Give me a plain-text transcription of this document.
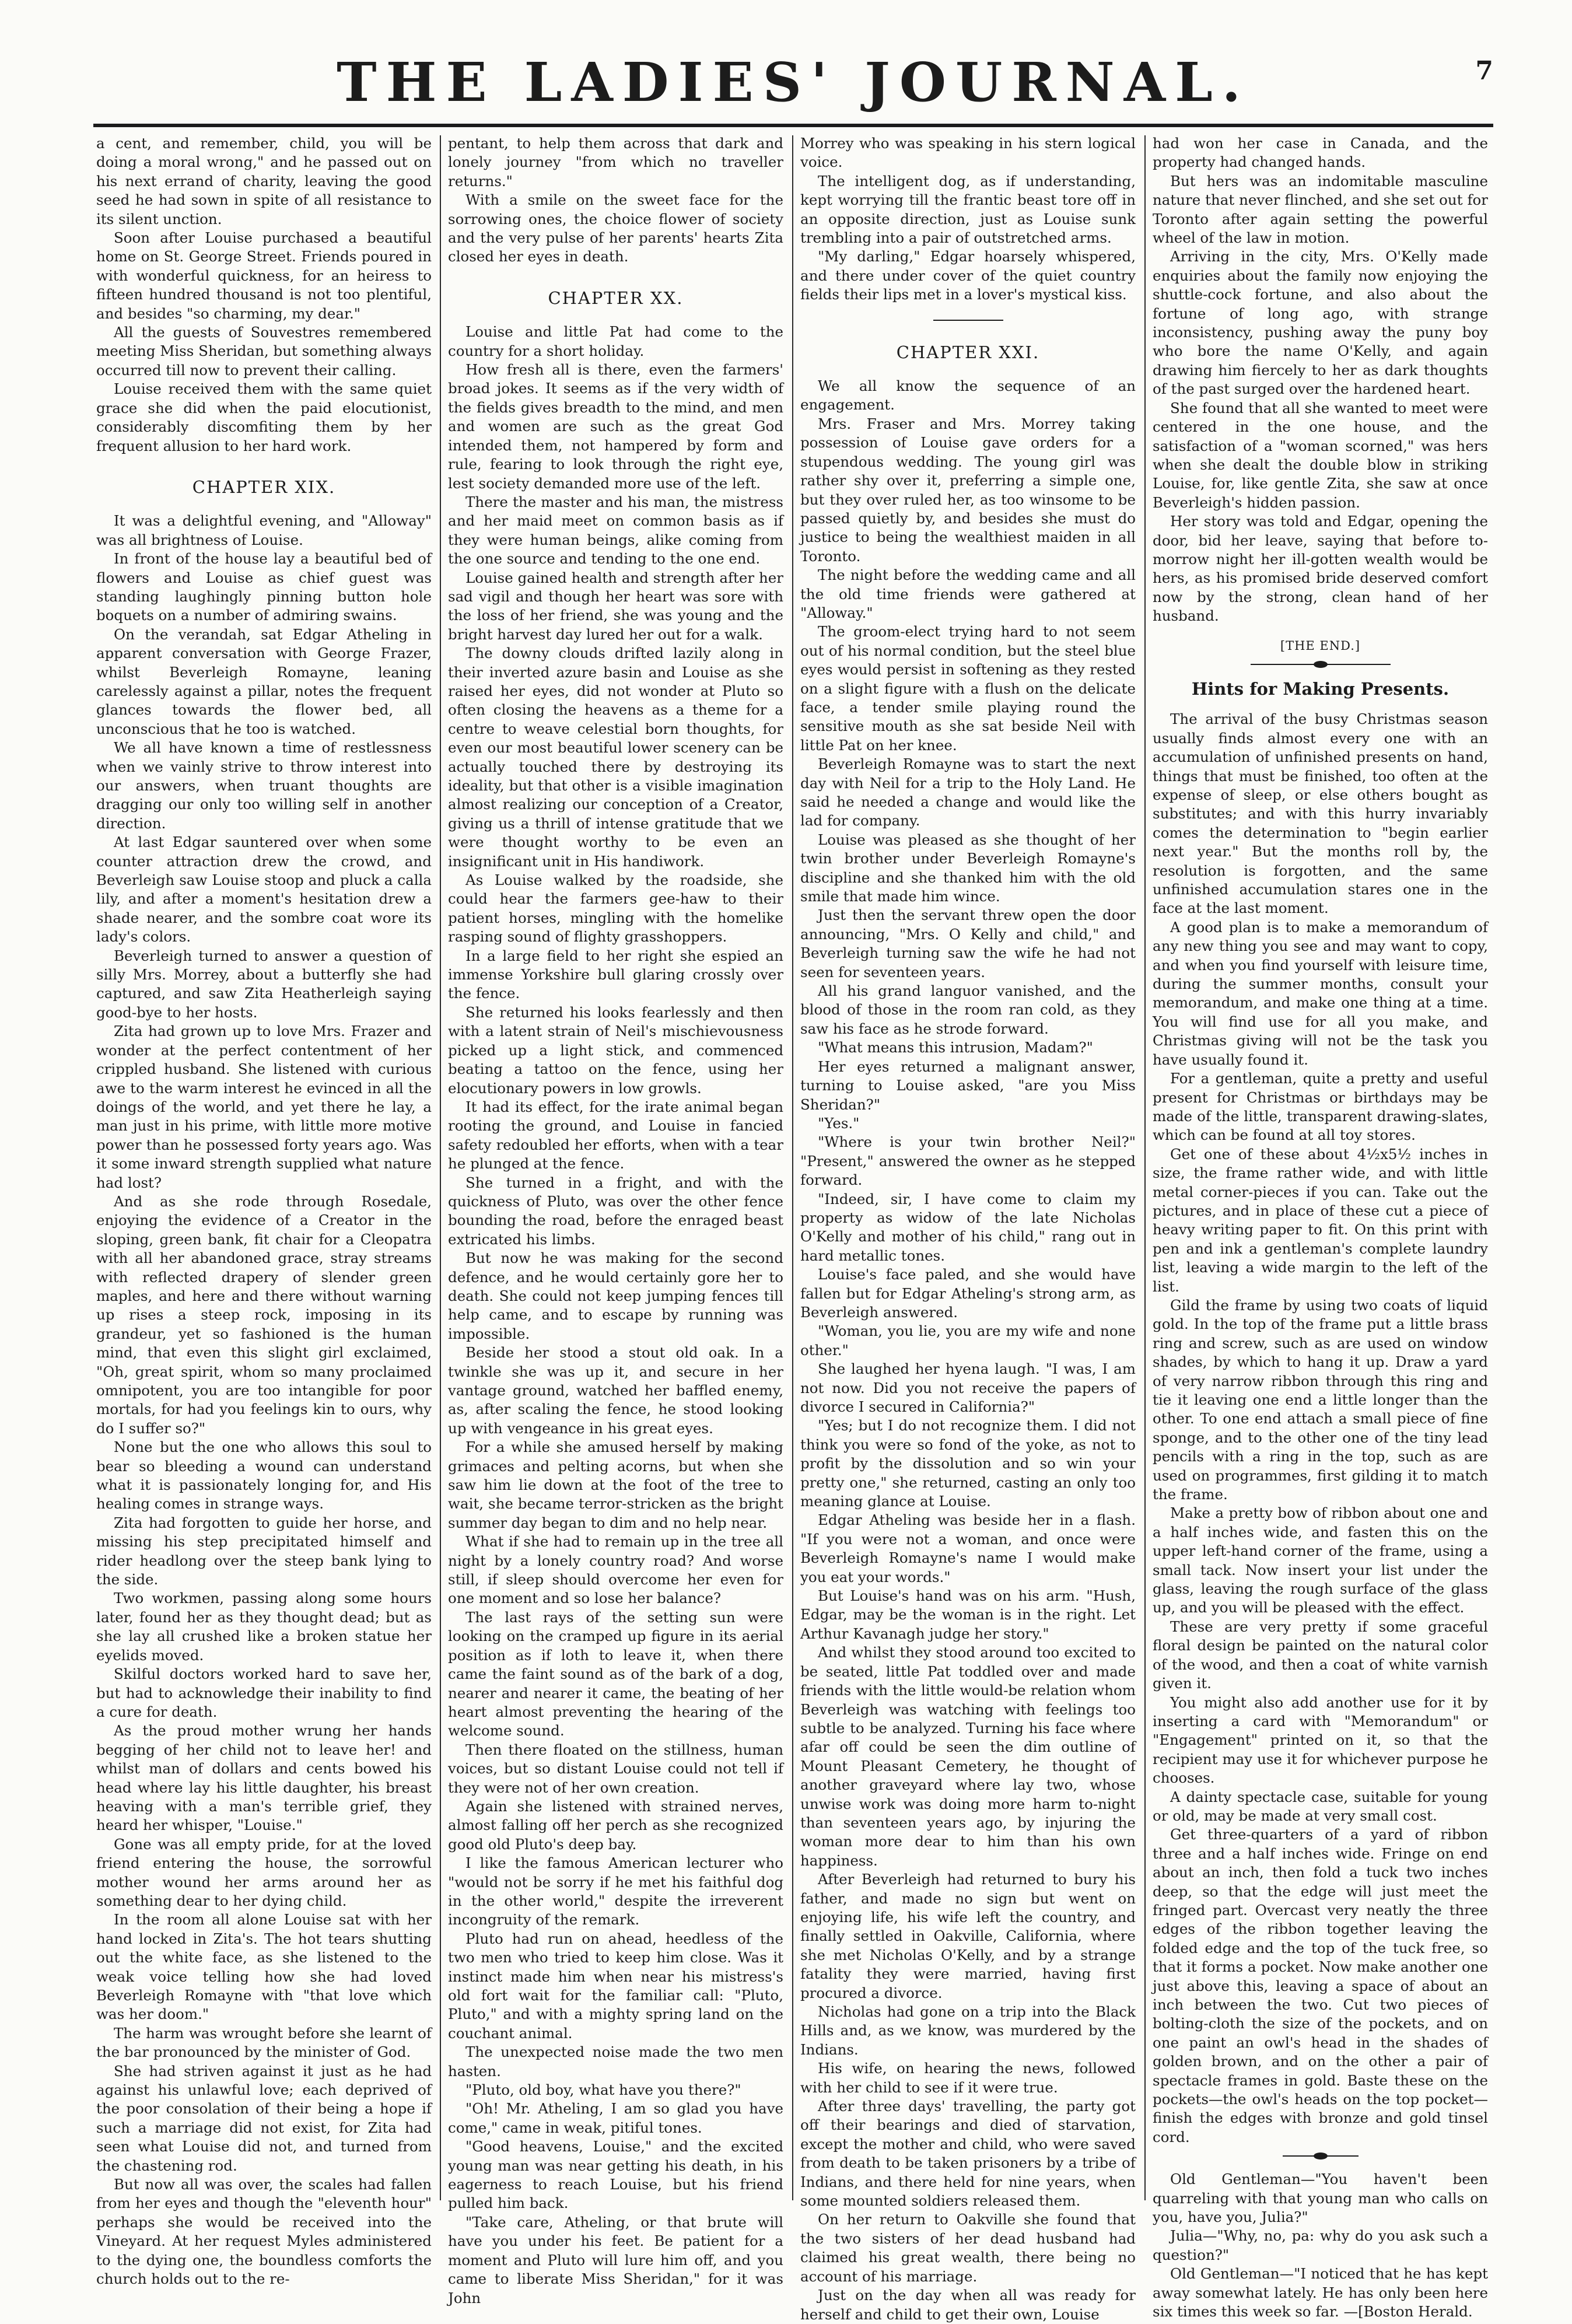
THE LADIES' JOURNAL.	7

a cent, and remember, child, you will be doing a moral wrong," and he passed out on his next errand of charity, leaving the good seed he had sown in spite of all resistance to its silent unction.

Soon after Louise purchased a beautiful home on St. George Street. Friends poured in with wonderful quickness, for an heiress to fifteen hundred thousand is not too plentiful, and besides "so charming, my dear."

All the guests of Souvestres remembered meeting Miss Sheridan, but something always occurred till now to prevent their calling.

Louise received them with the same quiet grace she did when the paid elocutionist, considerably discomfiting them by her frequent allusion to her hard work.

CHAPTER XIX.

It was a delightful evening, and "Alloway" was all brightness of Louise.

In front of the house lay a beautiful bed of flowers and Louise as chief guest was standing laughingly pinning button hole boquets on a number of admiring swains.

On the verandah, sat Edgar Atheling in apparent conversation with George Frazer, whilst Beverleigh Romayne, leaning carelessly against a pillar, notes the frequent glances towards the flower bed, all unconscious that he too is watched.

We all have known a time of restlessness when we vainly strive to throw interest into our answers, when truant thoughts are dragging our only too willing self in another direction.

At last Edgar sauntered over when some counter attraction drew the crowd, and Beverleigh saw Louise stoop and pluck a calla lily, and after a moment's hesitation drew a shade nearer, and the sombre coat wore its lady's colors.

Beverleigh turned to answer a question of silly Mrs. Morrey, about a butterfly she had captured, and saw Zita Heatherleigh saying good-bye to her hosts.

Zita had grown up to love Mrs. Frazer and wonder at the perfect contentment of her crippled husband. She listened with curious awe to the warm interest he evinced in all the doings of the world, and yet there he lay, a man just in his prime, with little more motive power than he possessed forty years ago. Was it some inward strength supplied what nature had lost?

And as she rode through Rosedale, enjoying the evidence of a Creator in the sloping, green bank, fit chair for a Cleopatra with all her abandoned grace, stray streams with reflected drapery of slender green maples, and here and there without warning up rises a steep rock, imposing in its grandeur, yet so fashioned is the human mind, that even this slight girl exclaimed, "Oh, great spirit, whom so many proclaimed omnipotent, you are too intangible for poor mortals, for had you feelings kin to ours, why do I suffer so?"

None but the one who allows this soul to bear so bleeding a wound can understand what it is passionately longing for, and His healing comes in strange ways.

Zita had forgotten to guide her horse, and missing his step precipitated himself and rider headlong over the steep bank lying to the side.

Two workmen, passing along some hours later, found her as they thought dead; but as she lay all crushed like a broken statue her eyelids moved.

Skilful doctors worked hard to save her, but had to acknowledge their inability to find a cure for death.

As the proud mother wrung her hands begging of her child not to leave her! and whilst man of dollars and cents bowed his head where lay his little daughter, his breast heaving with a man's terrible grief, they heard her whisper, "Louise."

Gone was all empty pride, for at the loved friend entering the house, the sorrowful mother wound her arms around her as something dear to her dying child.

In the room all alone Louise sat with her hand locked in Zita's. The hot tears shutting out the white face, as she listened to the weak voice telling how she had loved Beverleigh Romayne with "that love which was her doom."

The harm was wrought before she learnt of the bar pronounced by the minister of God.

She had striven against it just as he had against his unlawful love; each deprived of the poor consolation of their being a hope if such a marriage did not exist, for Zita had seen what Louise did not, and turned from the chastening rod.

But now all was over, the scales had fallen from her eyes and though the "eleventh hour" perhaps she would be received into the Vineyard. At her request Myles administered to the dying one, the boundless comforts the church holds out to the re-

pentant, to help them across that dark and lonely journey "from which no traveller returns."

With a smile on the sweet face for the sorrowing ones, the choice flower of society and the very pulse of her parents' hearts Zita closed her eyes in death.

CHAPTER XX.

Louise and little Pat had come to the country for a short holiday.

How fresh all is there, even the farmers' broad jokes. It seems as if the very width of the fields gives breadth to the mind, and men and women are such as the great God intended them, not hampered by form and rule, fearing to look through the right eye, lest society demanded more use of the left.

There the master and his man, the mistress and her maid meet on common basis as if they were human beings, alike coming from the one source and tending to the one end.

Louise gained health and strength after her sad vigil and though her heart was sore with the loss of her friend, she was young and the bright harvest day lured her out for a walk.

The downy clouds drifted lazily along in their inverted azure basin and Louise as she raised her eyes, did not wonder at Pluto so often closing the heavens as a theme for a centre to weave celestial born thoughts, for even our most beautiful lower scenery can be actually touched there by destroying its ideality, but that other is a visible imagination almost realizing our conception of a Creator, giving us a thrill of intense gratitude that we were thought worthy to be even an insignificant unit in His handiwork.

As Louise walked by the roadside, she could hear the farmers gee-haw to their patient horses, mingling with the homelike rasping sound of flighty grasshoppers.

In a large field to her right she espied an immense Yorkshire bull glaring crossly over the fence.

She returned his looks fearlessly and then with a latent strain of Neil's mischievousness picked up a light stick, and commenced beating a tattoo on the fence, using her elocutionary powers in low growls.

It had its effect, for the irate animal began rooting the ground, and Louise in fancied safety redoubled her efforts, when with a tear he plunged at the fence.

She turned in a fright, and with the quickness of Pluto, was over the other fence bounding the road, before the enraged beast extricated his limbs.

But now he was making for the second defence, and he would certainly gore her to death. She could not keep jumping fences till help came, and to escape by running was impossible.

Beside her stood a stout old oak. In a twinkle she was up it, and secure in her vantage ground, watched her baffled enemy, as, after scaling the fence, he stood looking up with vengeance in his great eyes.

For a while she amused herself by making grimaces and pelting acorns, but when she saw him lie down at the foot of the tree to wait, she became terror-stricken as the bright summer day began to dim and no help near.

What if she had to remain up in the tree all night by a lonely country road? And worse still, if sleep should overcome her even for one moment and so lose her balance?

The last rays of the setting sun were looking on the cramped up figure in its aerial position as if loth to leave it, when there came the faint sound as of the bark of a dog, nearer and nearer it came, the beating of her heart almost preventing the hearing of the welcome sound.

Then there floated on the stillness, human voices, but so distant Louise could not tell if they were not of her own creation.

Again she listened with strained nerves, almost falling off her perch as she recognized good old Pluto's deep bay.

I like the famous American lecturer who "would not be sorry if he met his faithful dog in the other world," despite the irreverent incongruity of the remark.

Pluto had run on ahead, heedless of the two men who tried to keep him close. Was it instinct made him when near his mistress's old fort wait for the familiar call: "Pluto, Pluto," and with a mighty spring land on the couchant animal.

The unexpected noise made the two men hasten.

"Pluto, old boy, what have you there?"

"Oh! Mr. Atheling, I am so glad you have come," came in weak, pitiful tones.

"Good heavens, Louise," and the excited young man was near getting his death, in his eagerness to reach Louise, but his friend pulled him back.

"Take care, Atheling, or that brute will have you under his feet. Be patient for a moment and Pluto will lure him off, and you came to liberate Miss Sheridan," for it was John

Morrey who was speaking in his stern logical voice.

The intelligent dog, as if understanding, kept worrying till the frantic beast tore off in an opposite direction, just as Louise sunk trembling into a pair of outstretched arms.

"My darling," Edgar hoarsely whispered, and there under cover of the quiet country fields their lips met in a lover's mystical kiss.

CHAPTER XXI.

We all know the sequence of an engagement.

Mrs. Fraser and Mrs. Morrey taking possession of Louise gave orders for a stupendous wedding. The young girl was rather shy over it, preferring a simple one, but they over ruled her, as too winsome to be passed quietly by, and besides she must do justice to being the wealthiest maiden in all Toronto.

The night before the wedding came and all the old time friends were gathered at "Alloway."

The groom-elect trying hard to not seem out of his normal condition, but the steel blue eyes would persist in softening as they rested on a slight figure with a flush on the delicate face, a tender smile playing round the sensitive mouth as she sat beside Neil with little Pat on her knee.

Beverleigh Romayne was to start the next day with Neil for a trip to the Holy Land. He said he needed a change and would like the lad for company.

Louise was pleased as she thought of her twin brother under Beverleigh Romayne's discipline and she thanked him with the old smile that made him wince.

Just then the servant threw open the door announcing, "Mrs. O Kelly and child," and Beverleigh turning saw the wife he had not seen for seventeen years.

All his grand languor vanished, and the blood of those in the room ran cold, as they saw his face as he strode forward.

"What means this intrusion, Madam?"

Her eyes returned a malignant answer, turning to Louise asked, "are you Miss Sheridan?"

"Yes."

"Where is your twin brother Neil?" "Present," answered the owner as he stepped forward.

"Indeed, sir, I have come to claim my property as widow of the late Nicholas O'Kelly and mother of his child," rang out in hard metallic tones.

Louise's face paled, and she would have fallen but for Edgar Atheling's strong arm, as Beverleigh answered.

"Woman, you lie, you are my wife and none other."

She laughed her hyena laugh. "I was, I am not now. Did you not receive the papers of divorce I secured in California?"

"Yes; but I do not recognize them. I did not think you were so fond of the yoke, as not to profit by the dissolution and so win your pretty one," she returned, casting an only too meaning glance at Louise.

Edgar Atheling was beside her in a flash. "If you were not a woman, and once were Beverleigh Romayne's name I would make you eat your words."

But Louise's hand was on his arm. "Hush, Edgar, may be the woman is in the right. Let Arthur Kavanagh judge her story."

And whilst they stood around too excited to be seated, little Pat toddled over and made friends with the little would-be relation whom Beverleigh was watching with feelings too subtle to be analyzed. Turning his face where afar off could be seen the dim outline of Mount Pleasant Cemetery, he thought of another graveyard where lay two, whose unwise work was doing more harm to-night than seventeen years ago, by injuring the woman more dear to him than his own happiness.

After Beverleigh had returned to bury his father, and made no sign but went on enjoying life, his wife left the country, and finally settled in Oakville, California, where she met Nicholas O'Kelly, and by a strange fatality they were married, having first procured a divorce.

Nicholas had gone on a trip into the Black Hills and, as we know, was murdered by the Indians.

His wife, on hearing the news, followed with her child to see if it were true.

After three days' travelling, the party got off their bearings and died of starvation, except the mother and child, who were saved from death to be taken prisoners by a tribe of Indians, and there held for nine years, when some mounted soldiers released them.

On her return to Oakville she found that the two sisters of her dead husband had claimed his great wealth, there being no account of his marriage.

Just on the day when all was ready for herself and child to get their own, Louise

had won her case in Canada, and the property had changed hands.

But hers was an indomitable masculine nature that never flinched, and she set out for Toronto after again setting the powerful wheel of the law in motion.

Arriving in the city, Mrs. O'Kelly made enquiries about the family now enjoying the shuttle-cock fortune, and also about the fortune of long ago, with strange inconsistency, pushing away the puny boy who bore the name O'Kelly, and again drawing him fiercely to her as dark thoughts of the past surged over the hardened heart.

She found that all she wanted to meet were centered in the one house, and the satisfaction of a "woman scorned," was hers when she dealt the double blow in striking Louise, for, like gentle Zita, she saw at once Beverleigh's hidden passion.

Her story was told and Edgar, opening the door, bid her leave, saying that before to-morrow night her ill-gotten wealth would be hers, as his promised bride deserved comfort now by the strong, clean hand of her husband.

[THE END.]
Hints for Making Presents.

The arrival of the busy Christmas season usually finds almost every one with an accumulation of unfinished presents on hand, things that must be finished, too often at the expense of sleep, or else others bought as substitutes; and with this hurry invariably comes the determination to "begin earlier next year." But the months roll by, the resolution is forgotten, and the same unfinished accumulation stares one in the face at the last moment.

A good plan is to make a memorandum of any new thing you see and may want to copy, and when you find yourself with leisure time, during the summer months, consult your memorandum, and make one thing at a time. You will find use for all you make, and Christmas giving will not be the task you have usually found it.

For a gentleman, quite a pretty and useful present for Christmas or birthdays may be made of the little, transparent drawing-slates, which can be found at all toy stores.

Get one of these about 4½x5½ inches in size, the frame rather wide, and with little metal corner-pieces if you can. Take out the pictures, and in place of these cut a piece of heavy writing paper to fit. On this print with pen and ink a gentleman's complete laundry list, leaving a wide margin to the left of the list.

Gild the frame by using two coats of liquid gold. In the top of the frame put a little brass ring and screw, such as are used on window shades, by which to hang it up. Draw a yard of very narrow ribbon through this ring and tie it leaving one end a little longer than the other. To one end attach a small piece of fine sponge, and to the other one of the tiny lead pencils with a ring in the top, such as are used on programmes, first gilding it to match the frame.

Make a pretty bow of ribbon about one and a half inches wide, and fasten this on the upper left-hand corner of the frame, using a small tack. Now insert your list under the glass, leaving the rough surface of the glass up, and you will be pleased with the effect.

These are very pretty if some graceful floral design be painted on the natural color of the wood, and then a coat of white varnish given it.

You might also add another use for it by inserting a card with "Memorandum" or "Engagement" printed on it, so that the recipient may use it for whichever purpose he chooses.

A dainty spectacle case, suitable for young or old, may be made at very small cost.

Get three-quarters of a yard of ribbon three and a half inches wide. Fringe on end about an inch, then fold a tuck two inches deep, so that the edge will just meet the fringed part. Overcast very neatly the three edges of the ribbon together leaving the folded edge and the top of the tuck free, so that it forms a pocket. Now make another one just above this, leaving a space of about an inch between the two. Cut two pieces of bolting-cloth the size of the pockets, and on one paint an owl's head in the shades of golden brown, and on the other a pair of spectacle frames in gold. Baste these on the pockets—the owl's heads on the top pocket—finish the edges with bronze and gold tinsel cord.

Old Gentleman—"You haven't been quarreling with that young man who calls on you, have you, Julia?"

Julia—"Why, no, pa: why do you ask such a question?"

Old Gentleman—"I noticed that he has kept away somewhat lately. He has only been here six times this week so far. —[Boston Herald.
